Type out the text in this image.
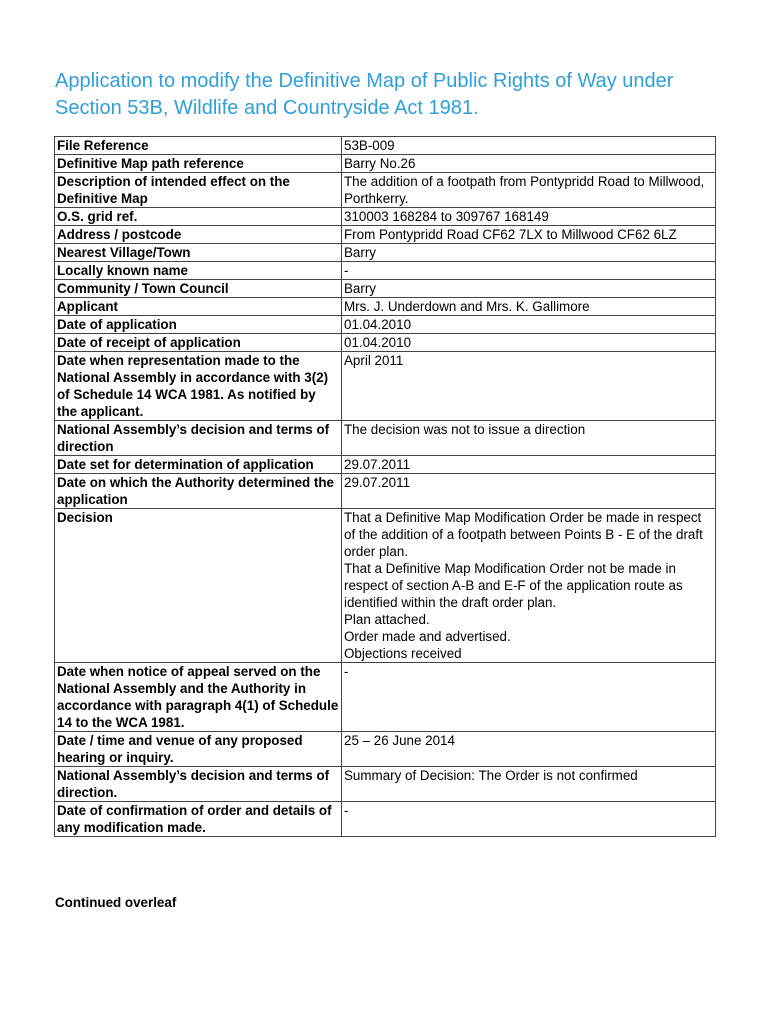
Application to modify the Definitive Map of Public Rights of Way under Section 53B, Wildlife and Countryside Act 1981.
File Reference	53B-009
Definitive Map path reference	Barry No.26
Description of intended effect on the Definitive Map	The addition of a footpath from Pontypridd Road to Millwood, Porthkerry.
O.S. grid ref.	310003 168284 to 309767 168149
Address / postcode	From Pontypridd Road CF62 7LX to Millwood CF62 6LZ
Nearest Village/Town	Barry
Locally known name	-
Community / Town Council	Barry
Applicant	Mrs. J. Underdown and Mrs. K. Gallimore
Date of application	01.04.2010
Date of receipt of application	01.04.2010
Date when representation made to the National Assembly in accordance with 3(2) of Schedule 14 WCA 1981. As notified by the applicant.	April 2011
National Assembly’s decision and terms of direction	The decision was not to issue a direction
Date set for determination of application	29.07.2011
Date on which the Authority determined the application	29.07.2011
Decision	That a Definitive Map Modification Order be made in respect of the addition of a footpath between Points B - E of the draft order plan.
That a Definitive Map Modification Order not be made in respect of section A-B and E-F of the application route as identified within the draft order plan.
Plan attached.
Order made and advertised.
Objections received
Date when notice of appeal served on the National Assembly and the Authority in accordance with paragraph 4(1) of Schedule 14 to the WCA 1981.	-
Date / time and venue of any proposed hearing or inquiry.	25 – 26 June 2014
National Assembly’s decision and terms of direction.	Summary of Decision: The Order is not confirmed
Date of confirmation of order and details of any modification made.	-
Continued overleaf
